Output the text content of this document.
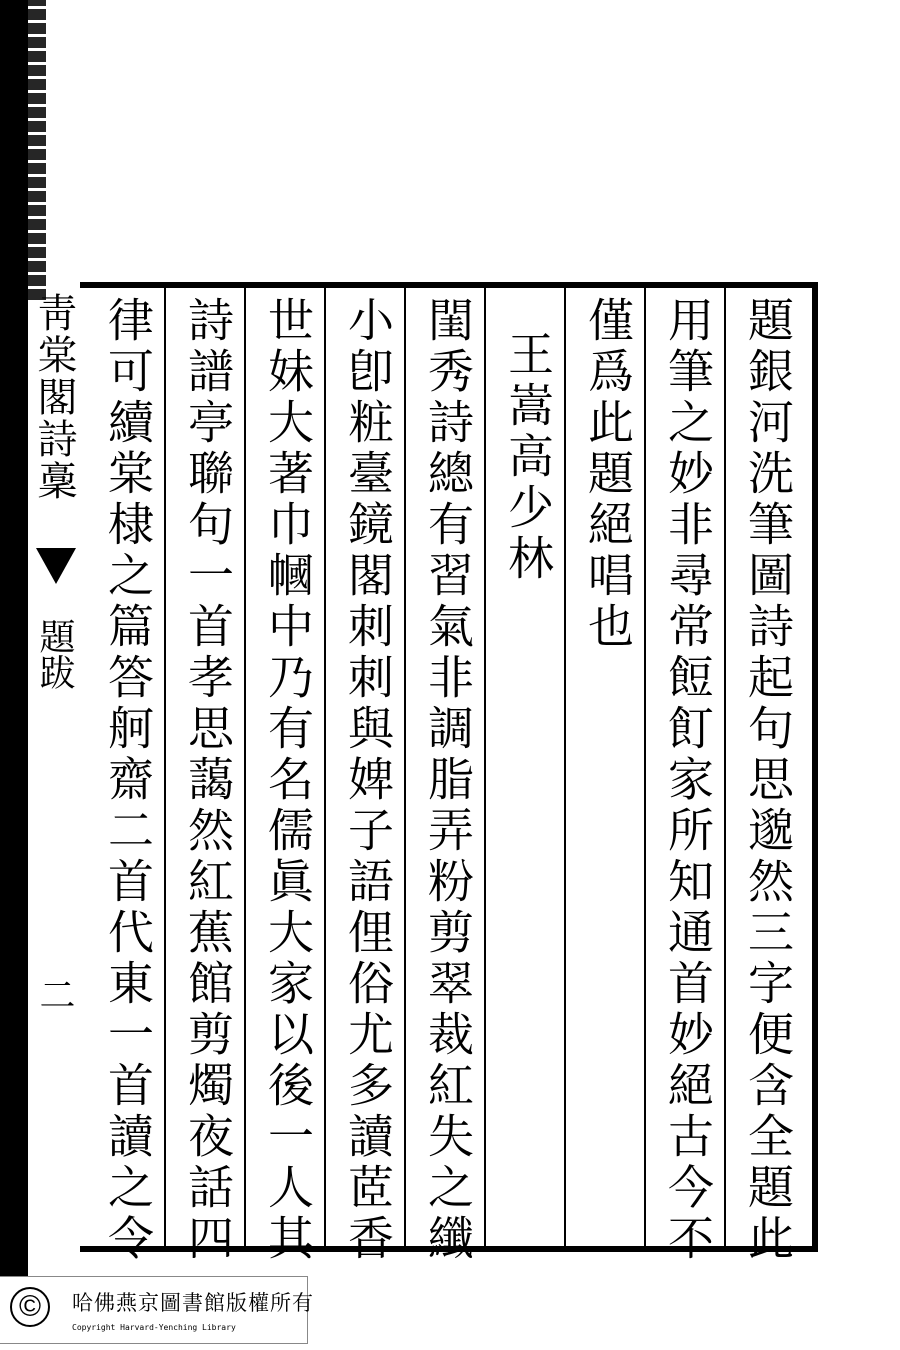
靑棠閣詩稾
題跋
二	題銀河洗筆圖詩起句思邈然三字便含全題此
用筆之妙非尋常餖飣家所知通首妙絕古今不
僅爲此題絕唱也
王嵩高少林
閨秀詩總有習氣非調脂弄粉剪翠裁紅失之纖
小卽粧臺鏡閣刺刺與婢子語俚俗尤多讀茝香
世妹大著巾幗中乃有名儒眞大家以後一人其
詩譜亭聯句一首孝思藹然紅蕉館剪燭夜話四
律可續棠棣之篇答舸齋二首代東一首讀之令
©	哈佛燕京圖書館版權所有
Copyright Harvard-Yenching Library
